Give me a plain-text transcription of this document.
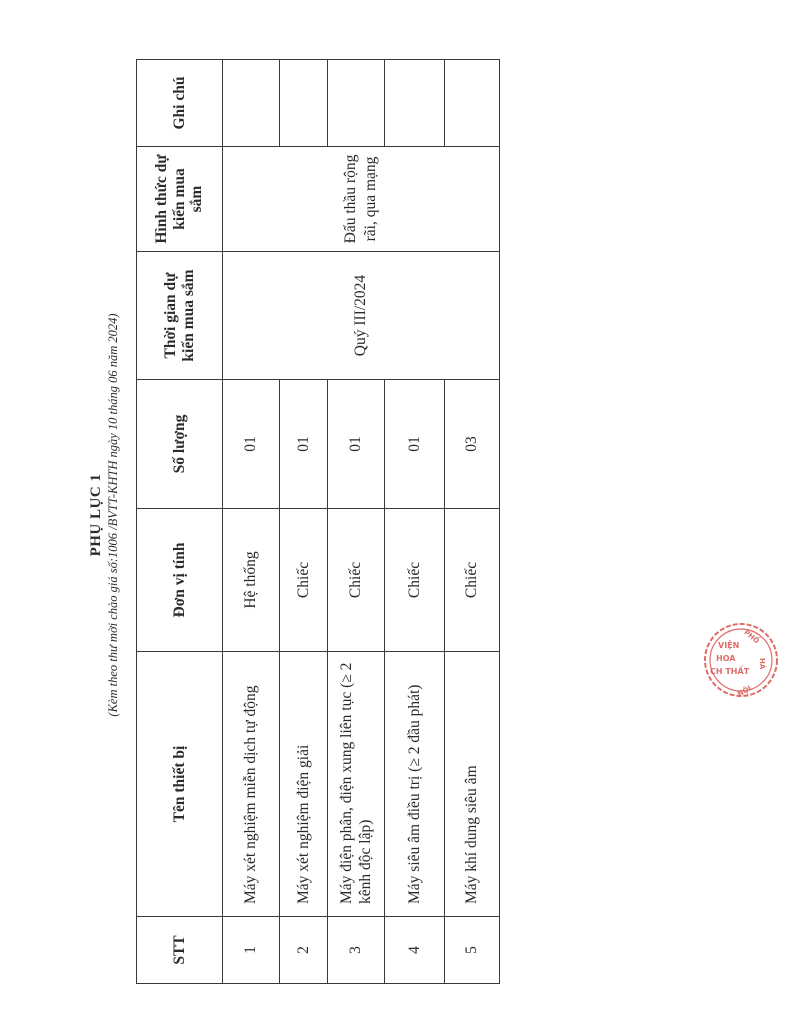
PHỤ LỤC 1 (Kèm theo thư mời chào giá số:1006 /BVTT-KHTH ngày 10 tháng 06 năm 2024)
STT	Tên thiết bị	Đơn vị tính	Số lượng	Thời gian dự kiến mua sắm	Hình thức dự kiến mua sắm	Ghi chú
1	Máy xét nghiệm miễn dịch tự động	Hệ thống	01	Quý III/2024	Đấu thầu rộng rãi, qua mạng	
2	Máy xét nghiệm điện giải	Chiếc	01			
3	Máy điện phân, điện xung liên tục (≥ 2 kênh độc lập)	Chiếc	01			
4	Máy siêu âm điều trị (≥ 2 đầu phát)	Chiếc	01			
5	Máy khí dung siêu âm	Chiếc	03			
VIỆN
HOA
CH THẤT
PHỐ
HÀ
NỘI
